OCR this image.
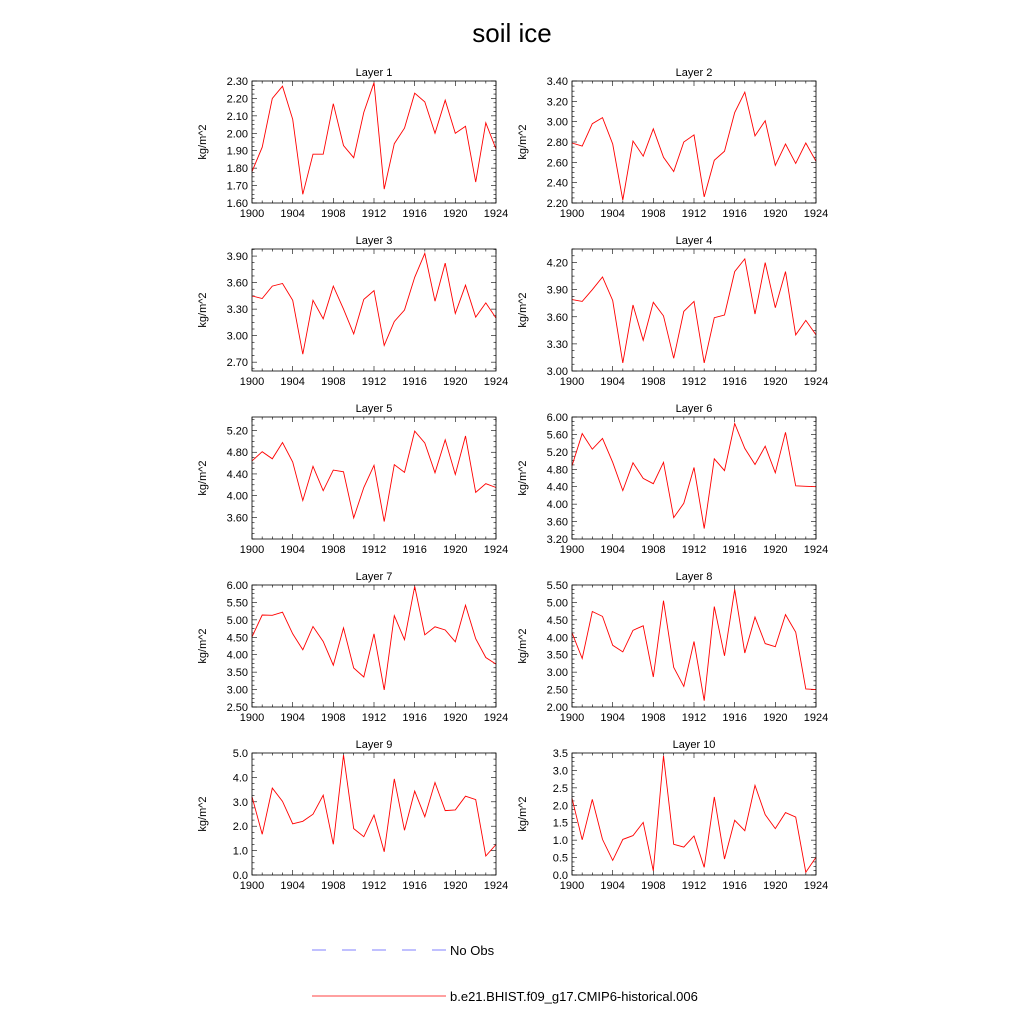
soil ice
Layer 1
1900 1904 1908 1912 1916 1920 1924
1.60
1.70
1.80
1.90
2.00
2.10
2.20
2.30
kg/m^2
Layer 2
1900 1904 1908 1912 1916 1920 1924
2.20
2.40
2.60
2.80
3.00
3.20
3.40
kg/m^2
Layer 3
1900 1904 1908 1912 1916 1920 1924
2.70
3.00
3.30
3.60
3.90
kg/m^2
Layer 4
1900 1904 1908 1912 1916 1920 1924
3.00
3.30
3.60
3.90
4.20
kg/m^2
Layer 5
1900 1904 1908 1912 1916 1920 1924
3.60
4.00
4.40
4.80
5.20
kg/m^2
Layer 6
1900 1904 1908 1912 1916 1920 1924
3.20
3.60
4.00
4.40
4.80
5.20
5.60
6.00
kg/m^2
Layer 7
1900 1904 1908 1912 1916 1920 1924
2.50
3.00
3.50
4.00
4.50
5.00
5.50
6.00
kg/m^2
Layer 8
1900 1904 1908 1912 1916 1920 1924
2.00
2.50
3.00
3.50
4.00
4.50
5.00
5.50
kg/m^2
Layer 9
1900 1904 1908 1912 1916 1920 1924
0.0
1.0
2.0
3.0
4.0
5.0
kg/m^2
Layer 10
1900 1904 1908 1912 1916 1920 1924
0.0
0.5
1.0
1.5
2.0
2.5
3.0
3.5
kg/m^2
No Obs
b.e21.BHIST.f09_g17.CMIP6-historical.006
